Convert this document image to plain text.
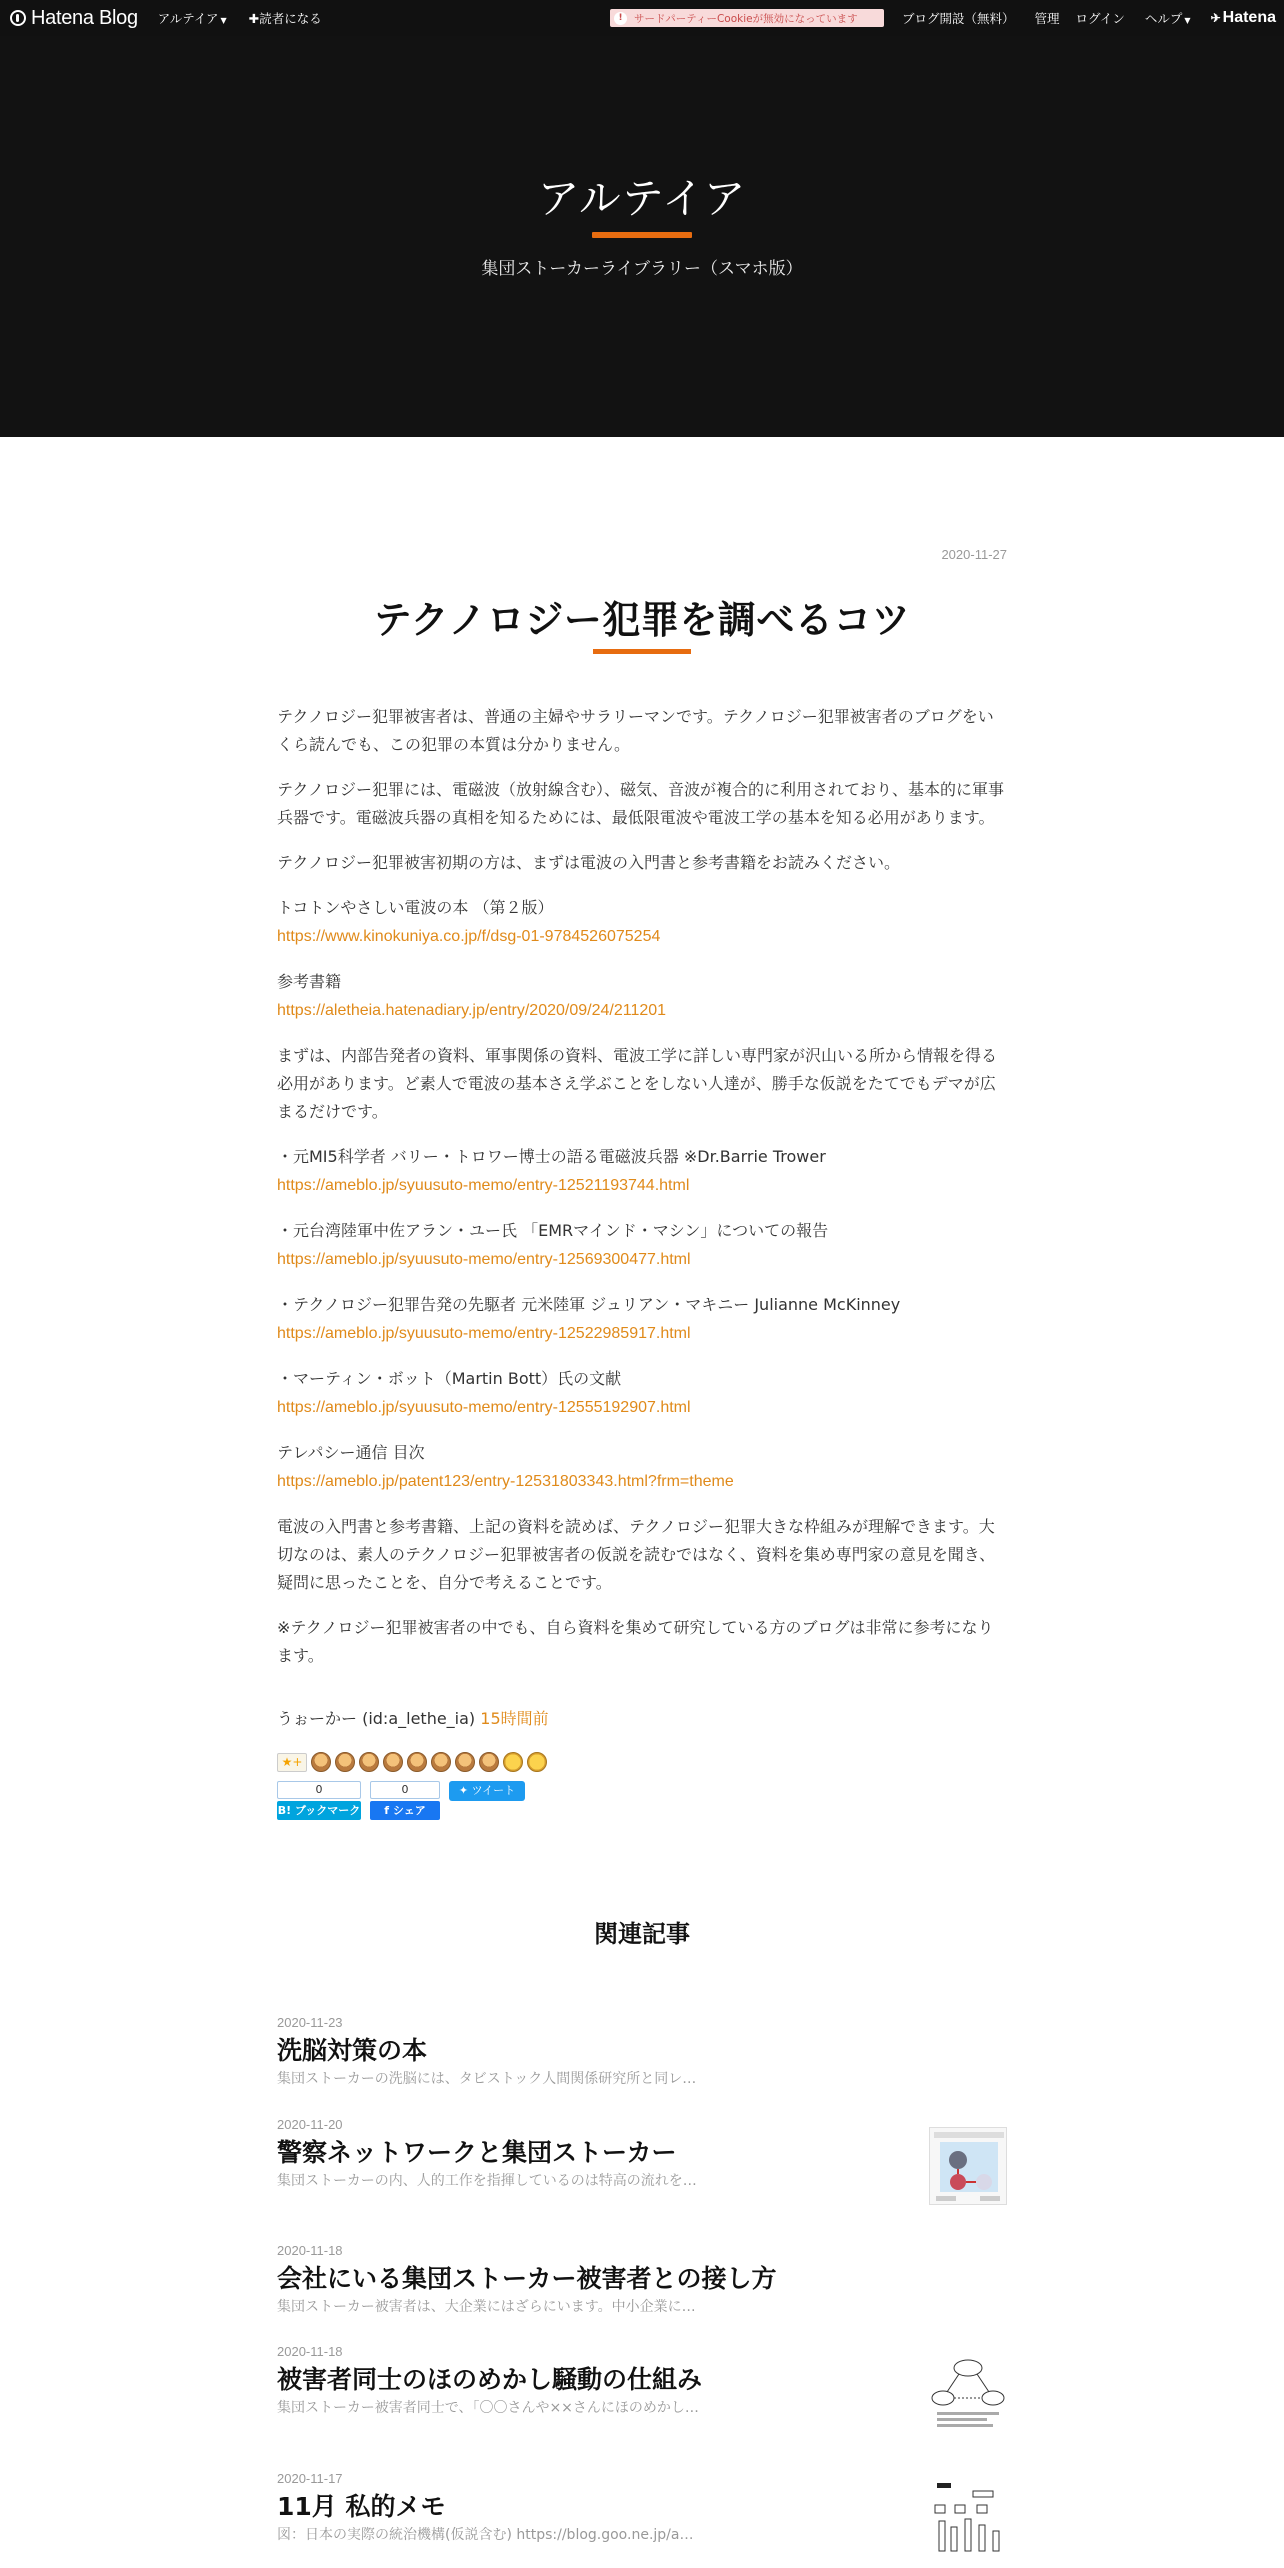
Hatena Blog アルテイア ▼ ✚読者になる	!	サードパーティーCookieが無効になっています	ブログ開設（無料） 管理 ログイン ヘルプ ▼ ✈ Hatena
アルテイア
集団ストーカーライブラリー（スマホ版）
2020-11-27
テクノロジー犯罪を調べるコツ

テクノロジー犯罪被害者は、普通の主婦やサラリーマンです。テクノロジー犯罪被害者のブログをいくら読んでも、この犯罪の本質は分かりません。

テクノロジー犯罪には、電磁波（放射線含む）、磁気、音波が複合的に利用されており、基本的に軍事兵器です。電磁波兵器の真相を知るためには、最低限電波や電波工学の基本を知る必用があります。

テクノロジー犯罪被害初期の方は、まずは電波の入門書と参考書籍をお読みください。

トコトンやさしい電波の本 （第２版）
https://www.kinokuniya.co.jp/f/dsg-01-9784526075254

参考書籍
https://aletheia.hatenadiary.jp/entry/2020/09/24/211201

まずは、内部告発者の資料、軍事関係の資料、電波工学に詳しい専門家が沢山いる所から情報を得る必用があります。ど素人で電波の基本さえ学ぶことをしない人達が、勝手な仮説をたてでもデマが広まるだけです。

・元MI5科学者 バリー・トロワー博士の語る電磁波兵器 ※Dr.Barrie Trower
https://ameblo.jp/syuusuto-memo/entry-12521193744.html

・元台湾陸軍中佐アラン・ユー氏 「EMRマインド・マシン」についての報告
https://ameblo.jp/syuusuto-memo/entry-12569300477.html

・テクノロジー犯罪告発の先駆者 元米陸軍 ジュリアン・マキニー Julianne McKinney
https://ameblo.jp/syuusuto-memo/entry-12522985917.html

・マーティン・ボット（Martin Bott）氏の文献
https://ameblo.jp/syuusuto-memo/entry-12555192907.html

テレパシー通信 目次
https://ameblo.jp/patent123/entry-12531803343.html?frm=theme

電波の入門書と参考書籍、上記の資料を読めば、テクノロジー犯罪大きな枠組みが理解できます。大切なのは、素人のテクノロジー犯罪被害者の仮説を読むではなく、資料を集め専門家の意見を聞き、疑問に思ったことを、自分で考えることです。

※テクノロジー犯罪被害者の中でも、自ら資料を集めて研究している方のブログは非常に参考になります。

うぉーかー (id:a_lethe_ia) 15時間前
★+
0
B! ブックマーク
0
f シェア
✦ ツイート
関連記事
2020-11-23
洗脳対策の本
集団ストーカーの洗脳には、タビストック人間関係研究所と同レ…
2020-11-20
警察ネットワークと集団ストーカー
集団ストーカーの内、人的工作を指揮しているのは特高の流れを…
2020-11-18
会社にいる集団ストーカー被害者との接し方
集団ストーカー被害者は、大企業にはざらにいます。中小企業に…
2020-11-18
被害者同士のほのめかし騒動の仕組み
集団ストーカー被害者同士で、「〇〇さんや××さんにほのめかし…
2020-11-17
11月 私的メモ
図：日本の実際の統治機構(仮説含む) https://blog.goo.ne.jp/a…
